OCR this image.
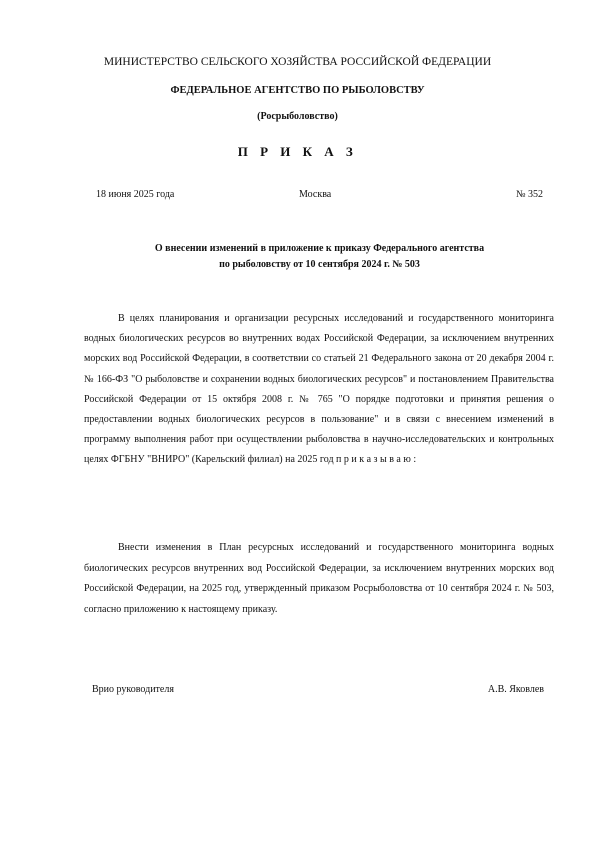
МИНИСТЕРСТВО СЕЛЬСКОГО ХОЗЯЙСТВА РОССИЙСКОЙ ФЕДЕРАЦИИ
ФЕДЕРАЛЬНОЕ АГЕНТСТВО ПО РЫБОЛОВСТВУ
(Росрыболовство)
П Р И К А З
18 июня 2025 года	Москва	№ 352
О внесении изменений в приложение к приказу Федерального агентства
по рыболовству от 10 сентября 2024 г. № 503
В целях планирования и организации ресурсных исследований и государственного мониторинга водных биологических ресурсов во внутренних водах Российской Федерации, за исключением внутренних морских вод Российской Федерации, в соответствии со статьей 21 Федерального закона от 20 декабря 2004 г. № 166-ФЗ "О рыболовстве и сохранении водных биологических ресурсов" и постановлением Правительства Российской Федерации от 15 октября 2008 г. № 765 "О порядке подготовки и принятия решения о предоставлении водных биологических ресурсов в пользование" и в связи с внесением изменений в программу выполнения работ при осуществлении рыболовства в научно-исследовательских и контрольных целях ФГБНУ "ВНИРО" (Карельский филиал) на 2025 год п р и к а з ы в а ю :
Внести изменения в План ресурсных исследований и государственного мониторинга водных биологических ресурсов внутренних вод Российской Федерации, за исключением внутренних морских вод Российской Федерации, на 2025 год, утвержденный приказом Росрыболовства от 10 сентября 2024 г. № 503, согласно приложению к настоящему приказу.
Врио руководителя	А.В. Яковлев
